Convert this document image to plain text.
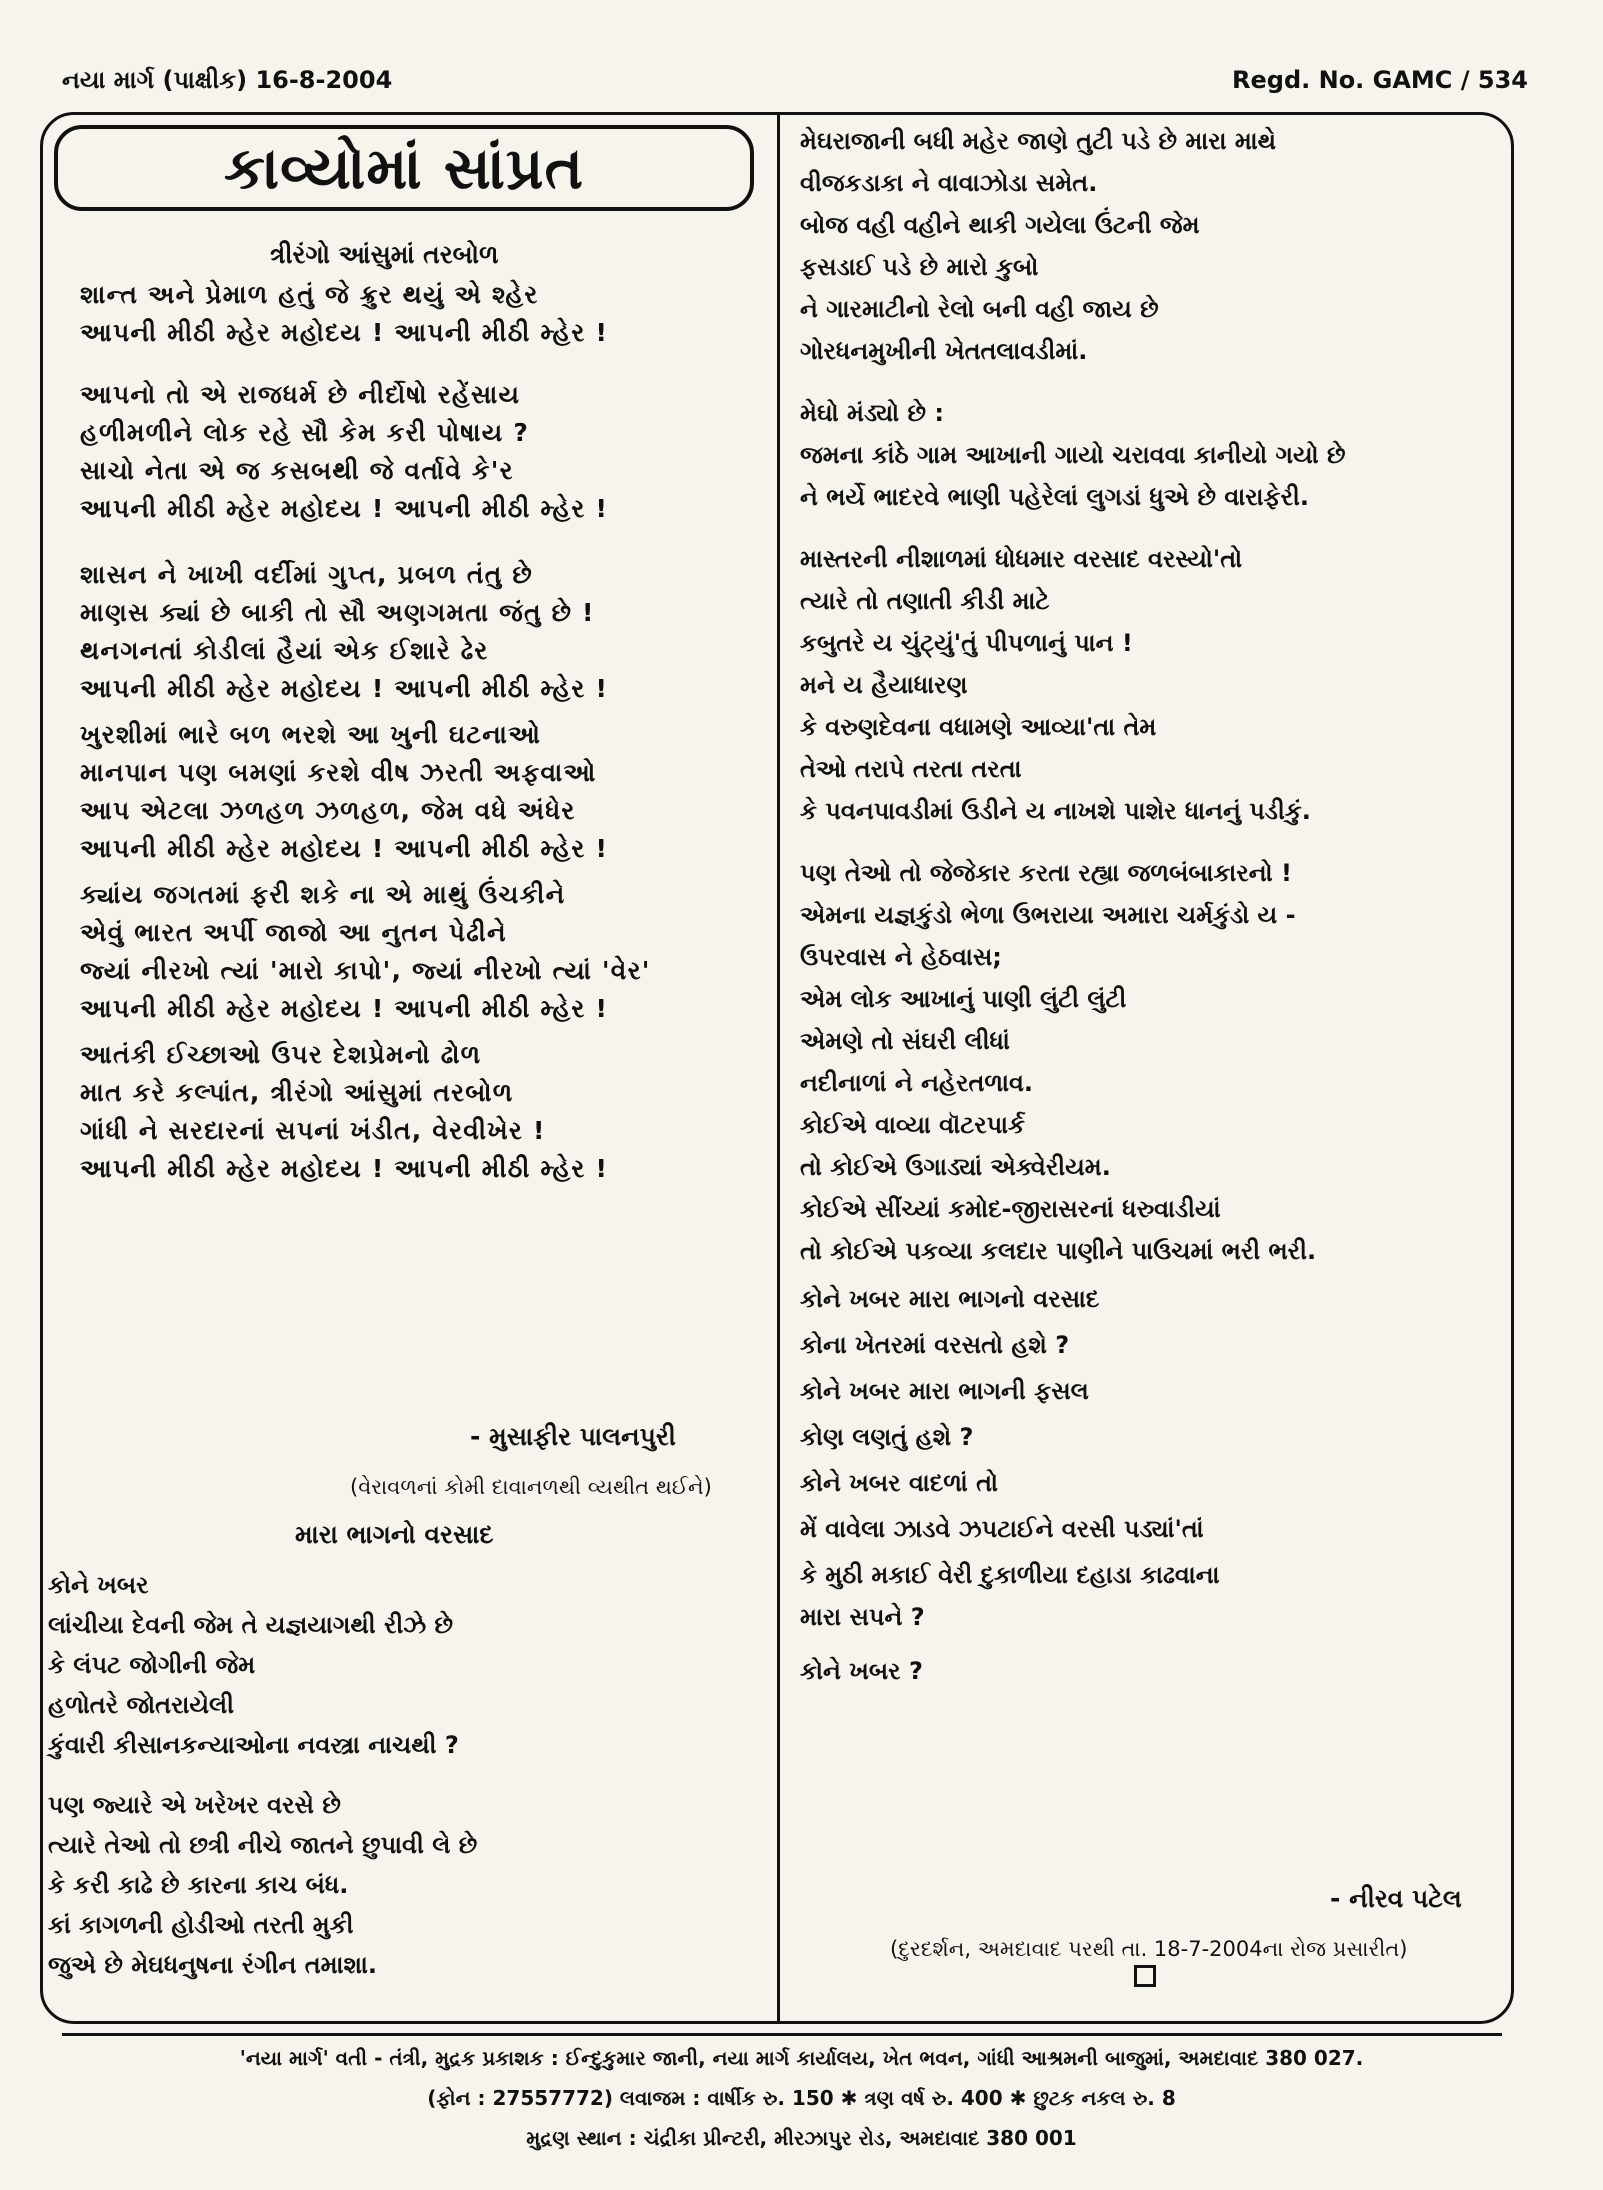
નયા માર્ગ (પાક્ષીક) 16-8-2004	Regd. No. GAMC / 534
કાવ્યોમાં સાંપ્રત
ત્રીરંગો આંસુમાં તરબોળ
શાન્ત અને પ્રેમાળ હતું જે ક્રુર થયું એ શ્હેર
આપની મીઠી મ્હેર મહોદય ! આપની મીઠી મ્હેર !
આપનો તો એ રાજધર્મ છે નીર્દોષો રહેંસાય
હળીમળીને લોક રહે સૌ કેમ કરી પોષાય ?
સાચો નેતા એ જ કસબથી જે વર્તાવે કે'ર
આપની મીઠી મ્હેર મહોદય ! આપની મીઠી મ્હેર !
શાસન ને ખાખી વર્દીમાં ગુપ્ત, પ્રબળ તંતુ છે
માણસ ક્યાં છે બાકી તો સૌ અણગમતા જંતુ છે !
થનગનતાં કોડીલાં હૈયાં એક ઈશારે ઢેર
આપની મીઠી મ્હેર મહોદય ! આપની મીઠી મ્હેર !
ખુરશીમાં ભારે બળ ભરશે આ ખુની ઘટનાઓ
માનપાન પણ બમણાં કરશે વીષ ઝરતી અફવાઓ
આપ એટલા ઝળહળ ઝળહળ, જેમ વધે અંધેર
આપની મીઠી મ્હેર મહોદય ! આપની મીઠી મ્હેર !
ક્યાંય જગતમાં ફરી શકે ના એ માથું ઉંચકીને
એવું ભારત અર્પી જાજો આ નુતન પેઢીને
જ્યાં નીરખો ત્યાં 'મારો કાપો', જ્યાં નીરખો ત્યાં 'વેર'
આપની મીઠી મ્હેર મહોદય ! આપની મીઠી મ્હેર !
આતંકી ઈચ્છાઓ ઉપર દેશપ્રેમનો ઢોળ
માત કરે કલ્પાંત, ત્રીરંગો આંસુમાં તરબોળ
ગાંધી ને સરદારનાં સપનાં ખંડીત, વેરવીખેર !
આપની મીઠી મ્હેર મહોદય ! આપની મીઠી મ્હેર !
- મુસાફીર પાલનપુરી
(વેરાવળનાં કોમી દાવાનળથી વ્યથીત થઈને)
મારા ભાગનો વરસાદ
કોને ખબર
લાંચીયા દેવની જેમ તે યજ્ઞયાગથી રીઝે છે
કે લંપટ જોગીની જેમ
હળોતરે જોતરાયેલી
કુંવારી કીસાનકન્યાઓના નવસ્ત્રા નાચથી ?
પણ જ્યારે એ ખરેખર વરસે છે
ત્યારે તેઓ તો છત્રી નીચે જાતને છુપાવી લે છે
કે કરી કાઢે છે કારના કાચ બંધ.
કાં કાગળની હોડીઓ તરતી મુકી
જુએ છે મેઘધનુષના રંગીન તમાશા.
મેઘરાજાની બધી મહેર જાણે તુટી પડે છે મારા માથે
વીજકડાકા ને વાવાઝોડા સમેત.
બોજ વહી વહીને થાકી ગયેલા ઉંટની જેમ
ફસડાઈ પડે છે મારો કુબો
ને ગારમાટીનો રેલો બની વહી જાય છે
ગોરધનમુખીની ખેતતલાવડીમાં.
મેઘો મંડ્યો છે :
જમના કાંઠે ગામ આખાની ગાયો ચરાવવા કાનીયો ગયો છે
ને ભર્યે ભાદરવે ભાણી પહેરેલાં લુગડાં ધુએ છે વારાફેરી.
માસ્તરની નીશાળમાં ધોધમાર વરસાદ વરસ્યો'તો
ત્યારે તો તણાતી કીડી માટે
કબુતરે ય ચુંટ્યું'તું પીપળાનું પાન !
મને ય હૈયાધારણ
કે વરુણદેવના વધામણે આવ્યા'તા તેમ
તેઓ તરાપે તરતા તરતા
કે પવનપાવડીમાં ઉડીને ય નાખશે પાશેર ધાનનું પડીકું.
પણ તેઓ તો જેજેકાર કરતા રહ્યા જળબંબાકારનો !
એમના યજ્ઞકુંડો ભેળા ઉભરાયા અમારા ચર્મકુંડો ય -
ઉપરવાસ ને હેઠવાસ;
એમ લોક આખાનું પાણી લુંટી લુંટી
એમણે તો સંઘરી લીધાં
નદીનાળાં ને નહેરતળાવ.
કોઈએ વાવ્યા વૉટરપાર્ક
તો કોઈએ ઉગાડ્યાં એક્વેરીયમ.
કોઈએ સીંચ્યાં કમોદ-જીરાસરનાં ધરુવાડીયાં
તો કોઈએ પકવ્યા કલદાર પાણીને પાઉચમાં ભરી ભરી.
કોને ખબર મારા ભાગનો વરસાદ
કોના ખેતરમાં વરસતો હશે ?
કોને ખબર મારા ભાગની ફસલ
કોણ લણતું હશે ?
કોને ખબર વાદળાં તો
મેં વાવેલા ઝાડવે ઝપટાઈને વરસી પડ્યાં'તાં
કે મુઠી મકાઈ વેરી દુકાળીયા દહાડા કાઢવાના
મારા સપને ?
કોને ખબર ?
- નીરવ પટેલ
(દુરદર્શન, અમદાવાદ પરથી તા. 18-7-2004ના રોજ પ્રસારીત)
'નયા માર્ગ' વતી - તંત્રી, મુદ્રક પ્રકાશક : ઈન્દુકુમાર જાની, નયા માર્ગ કાર્યાલય, ખેત ભવન, ગાંધી આશ્રમની બાજુમાં, અમદાવાદ 380 027.
(ફોન : 27557772) લવાજમ : વાર્ષીક રુ. 150 ✱ ત્રણ વર્ષ રુ. 400 ✱ છુટક નકલ રુ. 8
મુદ્રણ સ્થાન : ચંદ્રીકા પ્રીન્ટરી, મીરઝાપુર રોડ, અમદાવાદ 380 001
